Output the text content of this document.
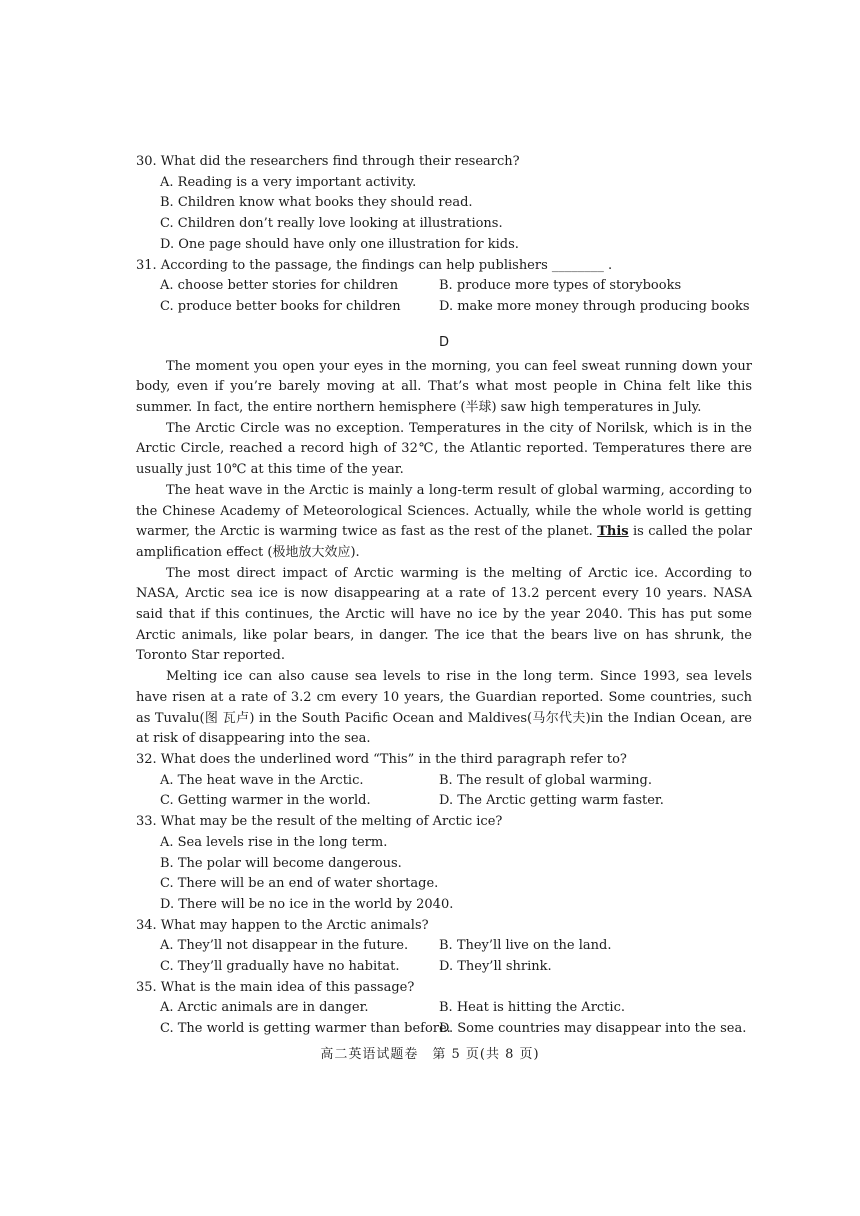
30. What did the researchers find through their research?
A. Reading is a very important activity.
B. Children know what books they should read.
C. Children don’t really love looking at illustrations.
D. One page should have only one illustration for kids.
31. According to the passage, the findings can help publishers ________ .
A. choose better stories for children	B. produce more types of storybooks
C. produce better books for children	D. make more money through producing books
D
The moment you open your eyes in the morning, you can feel sweat running down your body, even if you’re barely moving at all. That’s what most people in China felt like this summer. In fact, the entire northern hemisphere (半球) saw high temperatures in July.
The Arctic Circle was no exception. Temperatures in the city of Norilsk, which is in the Arctic Circle, reached a record high of 32℃, the Atlantic reported. Temperatures there are usually just 10℃ at this time of the year.
The heat wave in the Arctic is mainly a long-term result of global warming, according to the Chinese Academy of Meteorological Sciences. Actually, while the whole world is getting warmer, the Arctic is warming twice as fast as the rest of the planet. This is called the polar amplification effect (极地放大效应).
The most direct impact of Arctic warming is the melting of Arctic ice. According to NASA, Arctic sea ice is now disappearing at a rate of 13.2 percent every 10 years. NASA said that if this continues, the Arctic will have no ice by the year 2040. This has put some Arctic animals, like polar bears, in danger. The ice that the bears live on has shrunk, the Toronto Star reported.
Melting ice can also cause sea levels to rise in the long term. Since 1993, sea levels have risen at a rate of 3.2 cm every 10 years, the Guardian reported. Some countries, such as Tuvalu(图 瓦卢) in the South Pacific Ocean and Maldives(马尔代夫)in the Indian Ocean, are at risk of disappearing into the sea.
32. What does the underlined word “This” in the third paragraph refer to?
A. The heat wave in the Arctic.	B. The result of global warming.
C. Getting warmer in the world.	D. The Arctic getting warm faster.
33. What may be the result of the melting of Arctic ice?
A. Sea levels rise in the long term.
B. The polar will become dangerous.
C. There will be an end of water shortage.
D. There will be no ice in the world by 2040.
34. What may happen to the Arctic animals?
A. They’ll not disappear in the future.	B. They’ll live on the land.
C. They’ll gradually have no habitat.	D. They’ll shrink.
35. What is the main idea of this passage?
A. Arctic animals are in danger.	B. Heat is hitting the Arctic.
C. The world is getting warmer than before.
D. Some countries may disappear into the sea.
高二英语试题卷　第 5 页(共 8 页)
